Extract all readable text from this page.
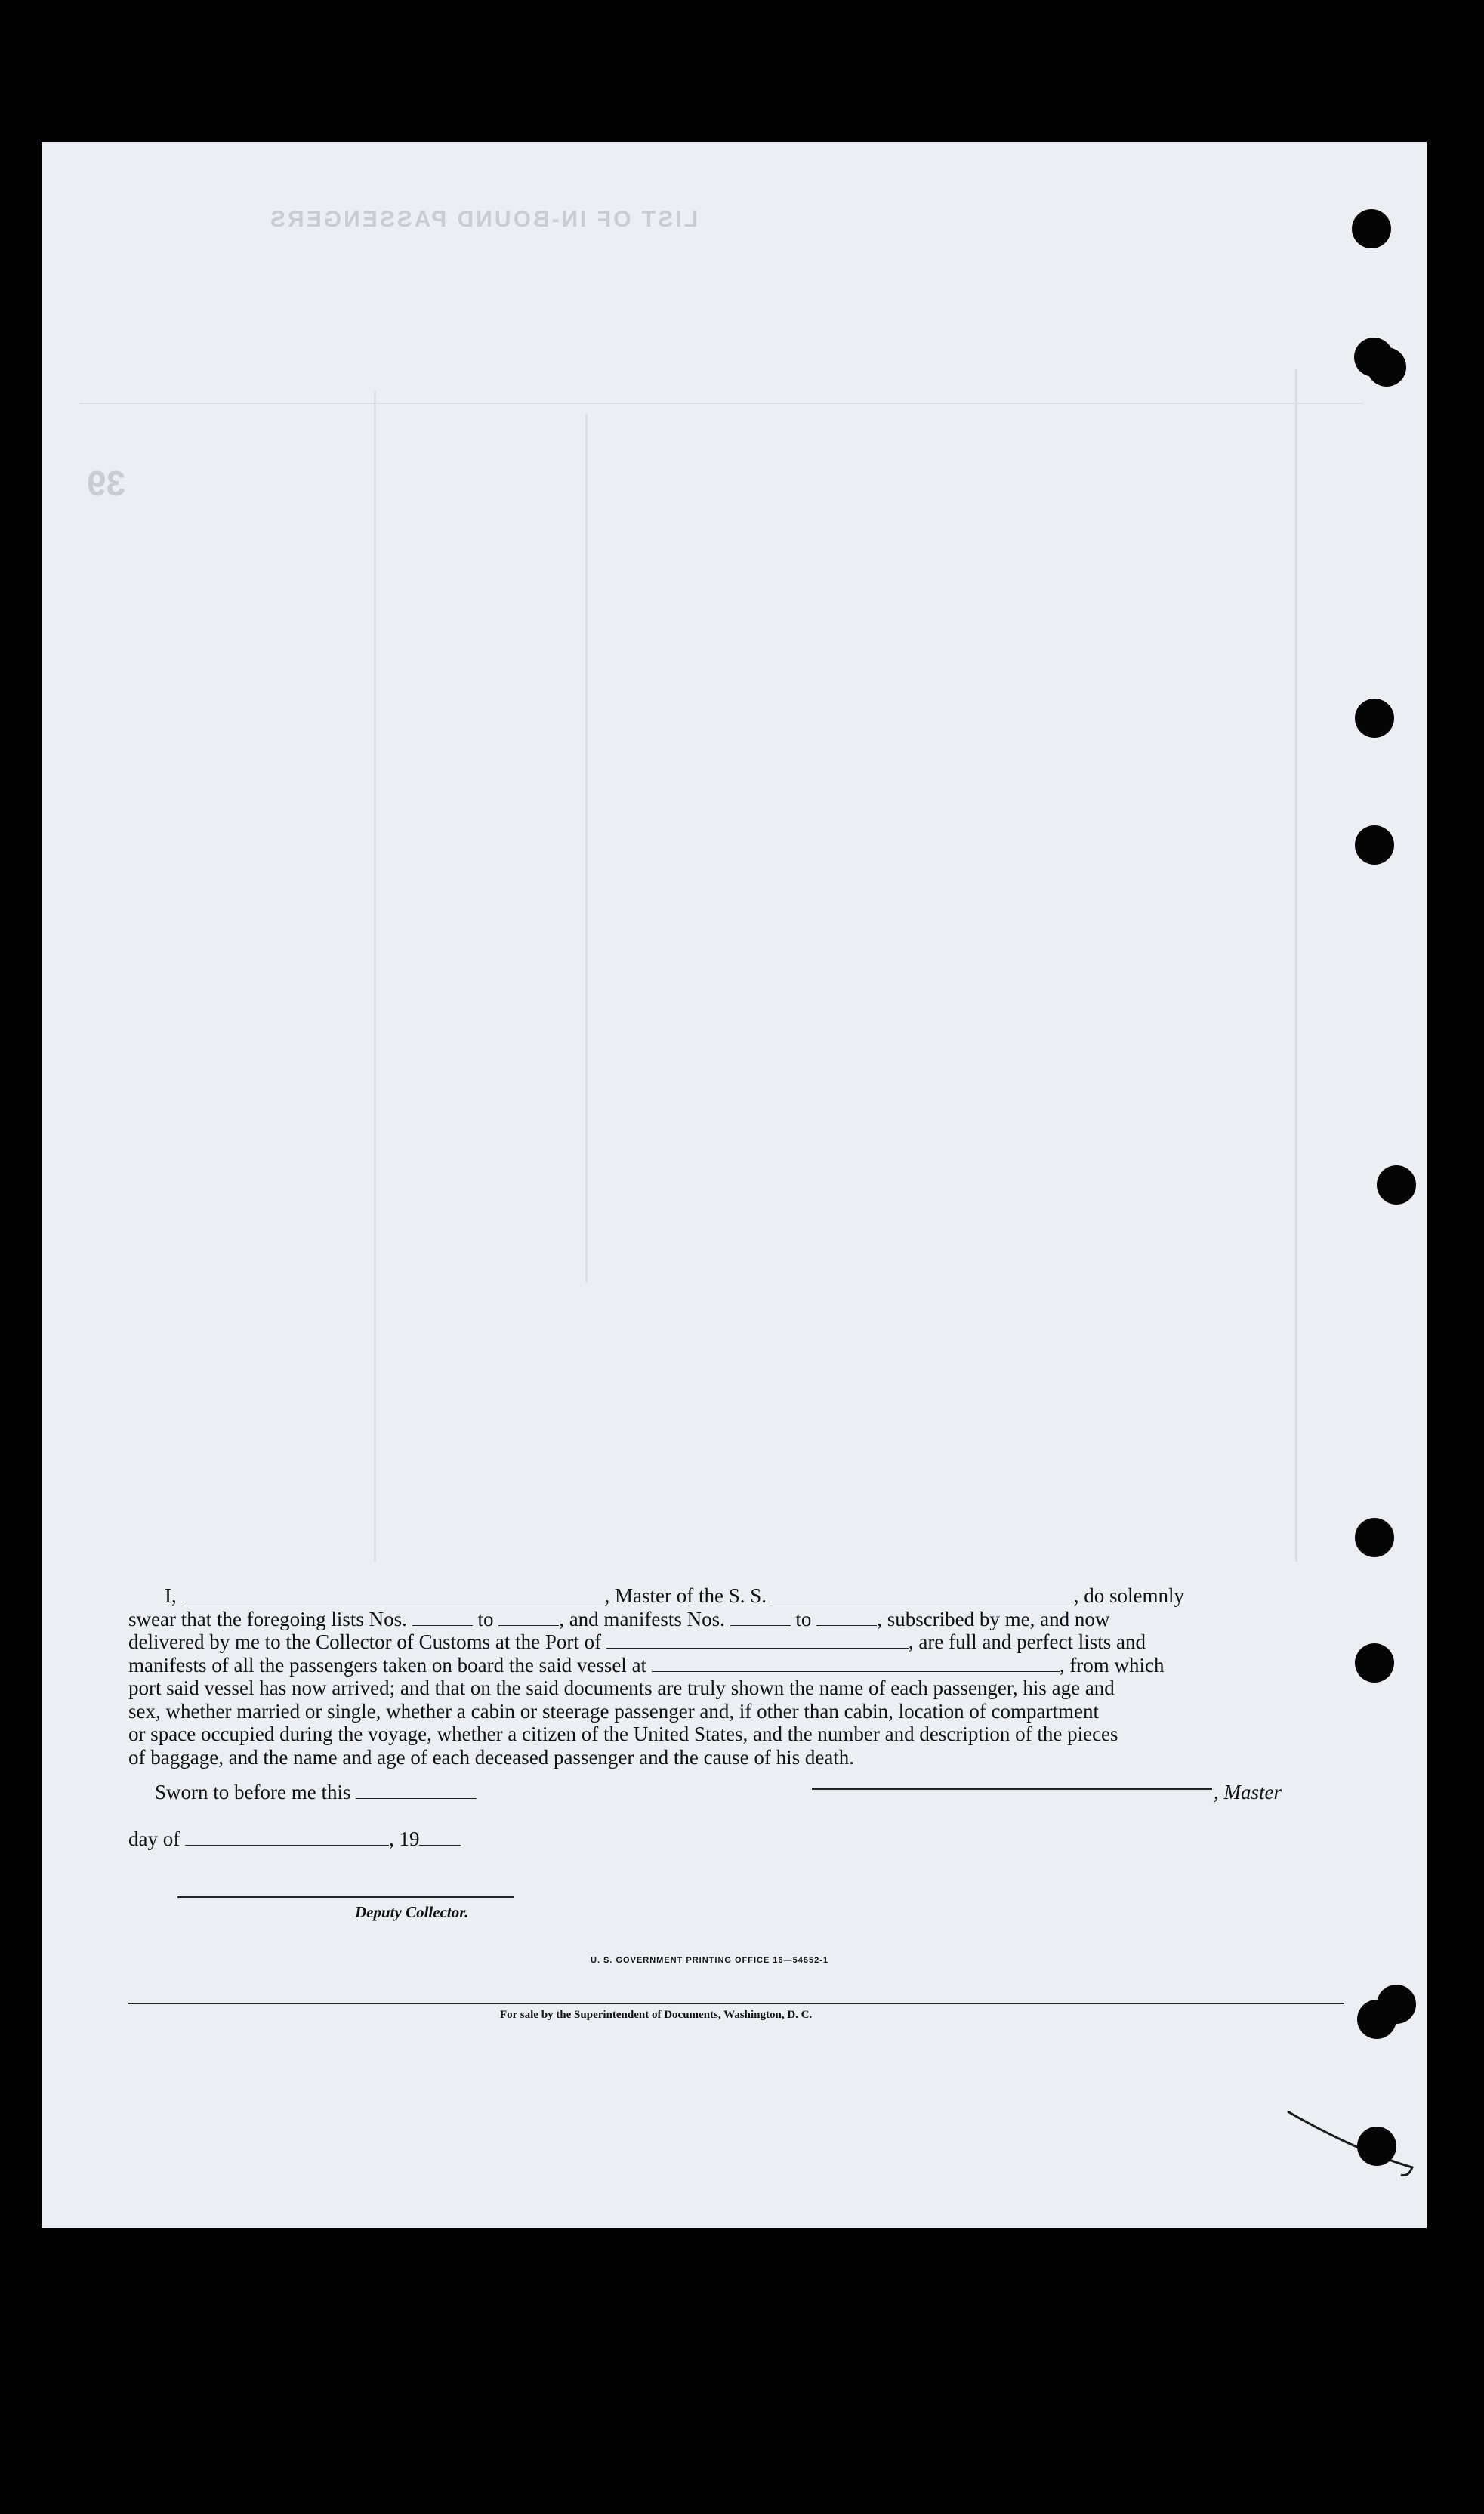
LIST OF IN-BOUND PASSENGERS
39
I,	, Master of the S. S.	, do solemnly
swear that the foregoing lists Nos.	to	, and manifests Nos.	to	, subscribed by me, and now
delivered by me to the Collector of Customs at the Port of	, are full and perfect lists and
manifests of all the passengers taken on board the said vessel at	, from which
port said vessel has now arrived; and that on the said documents are truly shown the name of each passenger, his age and
sex, whether married or single, whether a cabin or steerage passenger and, if other than cabin, location of compartment
or space occupied during the voyage, whether a citizen of the United States, and the number and description of the pieces
of baggage, and the name and age of each deceased passenger and the cause of his death.
Sworn to before me this	, Master
day of	, 19
Deputy Collector.
U. S. GOVERNMENT PRINTING OFFICE 16—54652-1
For sale by the Superintendent of Documents, Washington, D. C.
